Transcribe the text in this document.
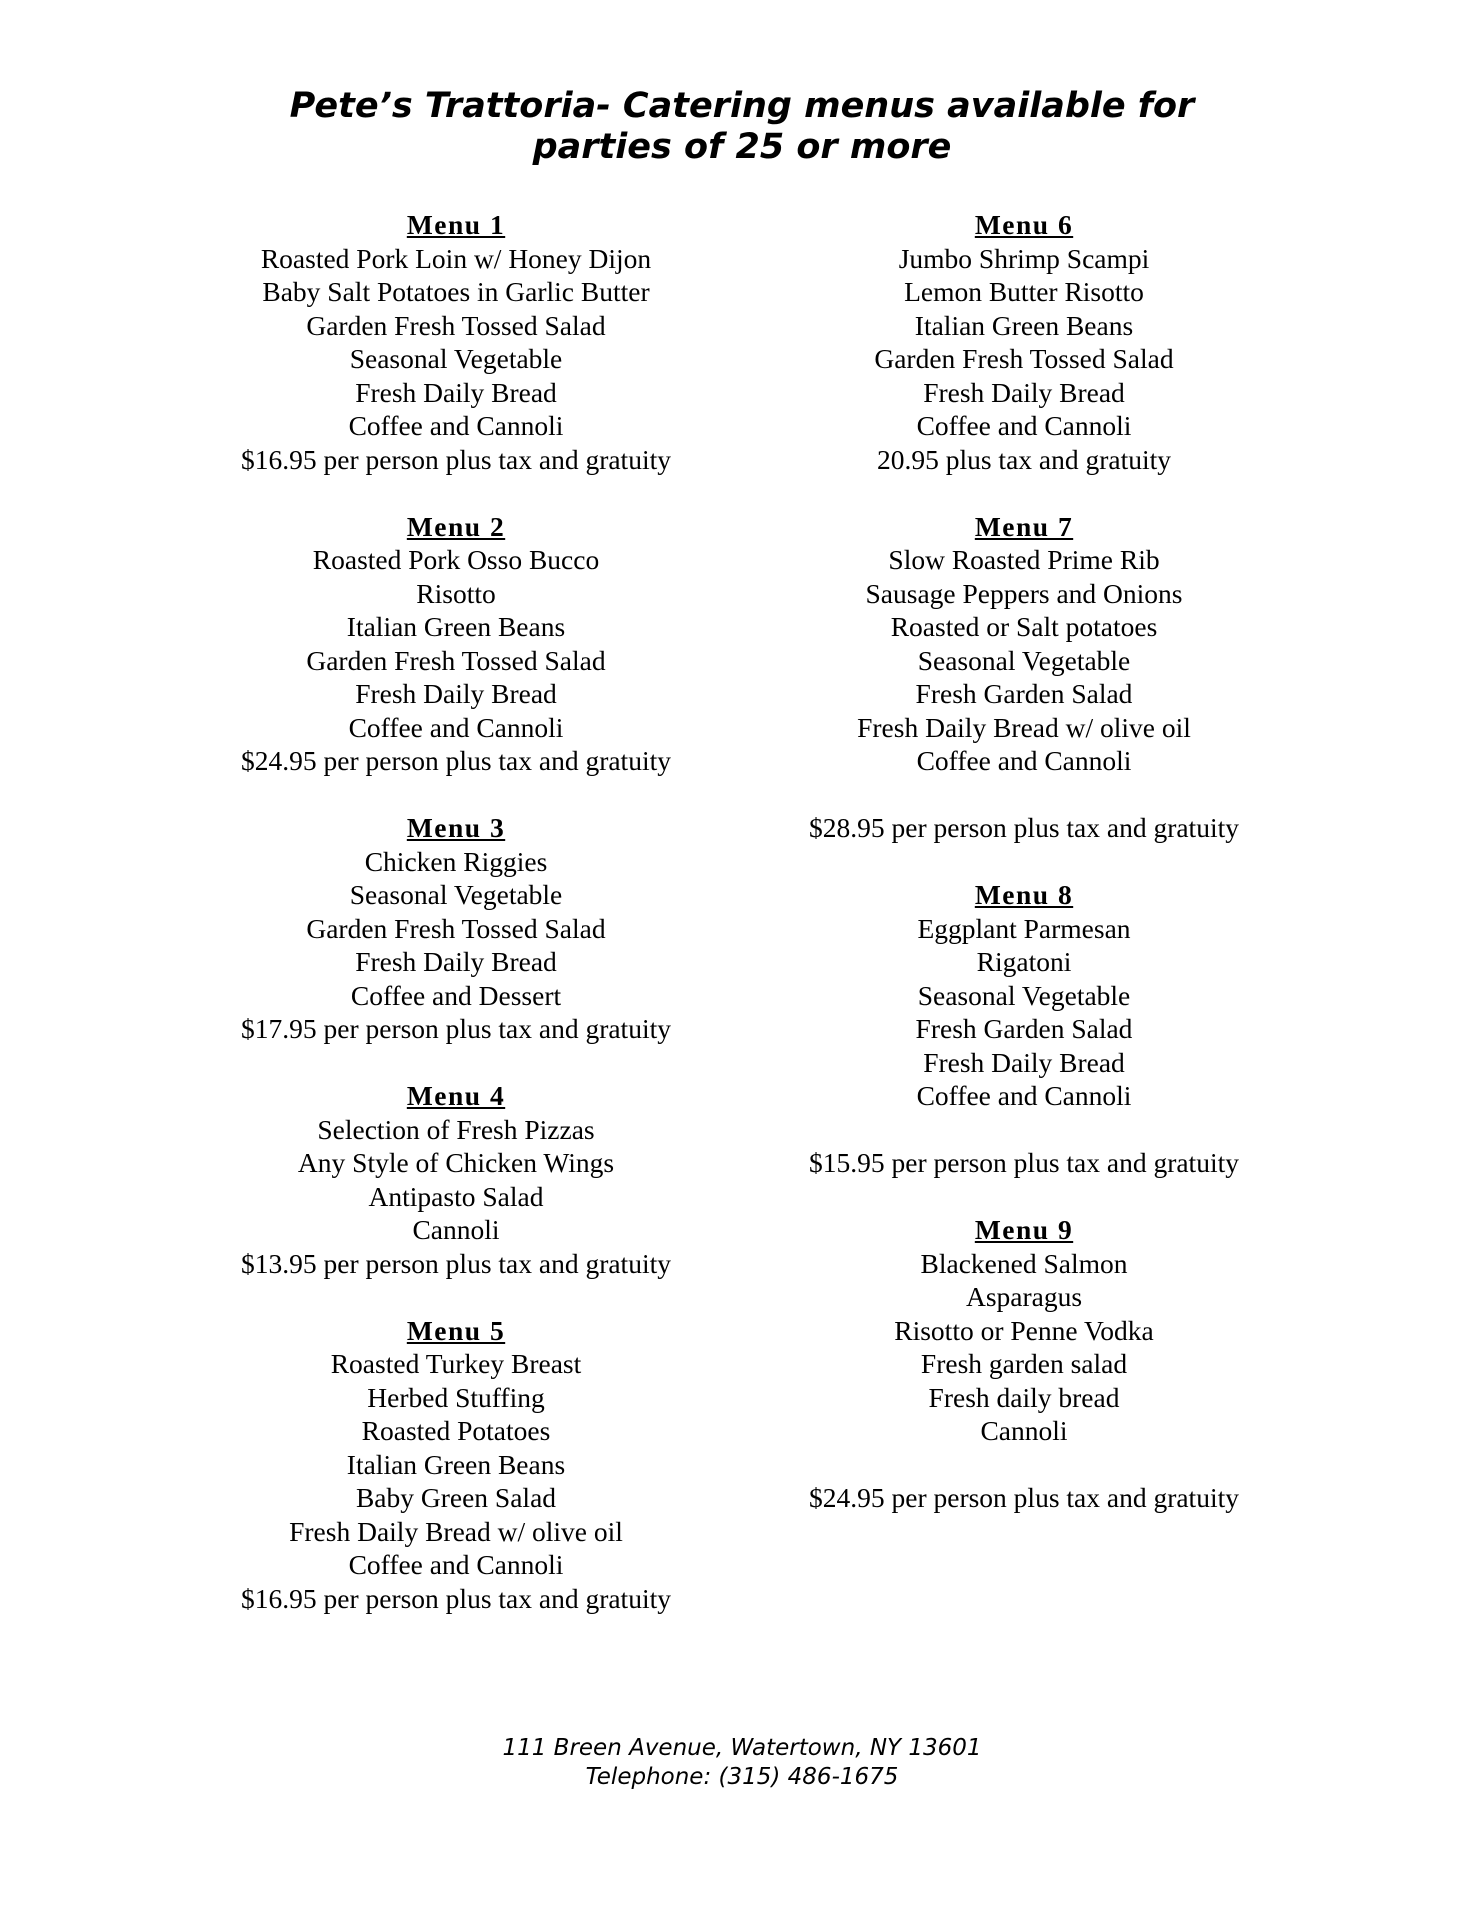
Pete’s Trattoria- Catering menus available for
parties of 25 or more
Menu 1
Roasted Pork Loin w/ Honey Dijon
Baby Salt Potatoes in Garlic Butter
Garden Fresh Tossed Salad
Seasonal Vegetable
Fresh Daily Bread
Coffee and Cannoli
$16.95 per person plus tax and gratuity
Menu 2
Roasted Pork Osso Bucco
Risotto
Italian Green Beans
Garden Fresh Tossed Salad
Fresh Daily Bread
Coffee and Cannoli
$24.95 per person plus tax and gratuity
Menu 3
Chicken Riggies
Seasonal Vegetable
Garden Fresh Tossed Salad
Fresh Daily Bread
Coffee and Dessert
$17.95 per person plus tax and gratuity
Menu 4
Selection of Fresh Pizzas
Any Style of Chicken Wings
Antipasto Salad
Cannoli
$13.95 per person plus tax and gratuity
Menu 5
Roasted Turkey Breast
Herbed Stuffing
Roasted Potatoes
Italian Green Beans
Baby Green Salad
Fresh Daily Bread w/ olive oil
Coffee and Cannoli
$16.95 per person plus tax and gratuity
Menu 6
Jumbo Shrimp Scampi
Lemon Butter Risotto
Italian Green Beans
Garden Fresh Tossed Salad
Fresh Daily Bread
Coffee and Cannoli
20.95 plus tax and gratuity
Menu 7
Slow Roasted Prime Rib
Sausage Peppers and Onions
Roasted or Salt potatoes
Seasonal Vegetable
Fresh Garden Salad
Fresh Daily Bread w/ olive oil
Coffee and Cannoli
$28.95 per person plus tax and gratuity
Menu 8
Eggplant Parmesan
Rigatoni
Seasonal Vegetable
Fresh Garden Salad
Fresh Daily Bread
Coffee and Cannoli
$15.95 per person plus tax and gratuity
Menu 9
Blackened Salmon
Asparagus
Risotto or Penne Vodka
Fresh garden salad
Fresh daily bread
Cannoli
$24.95 per person plus tax and gratuity
111 Breen Avenue, Watertown, NY 13601
Telephone: (315) 486-1675
